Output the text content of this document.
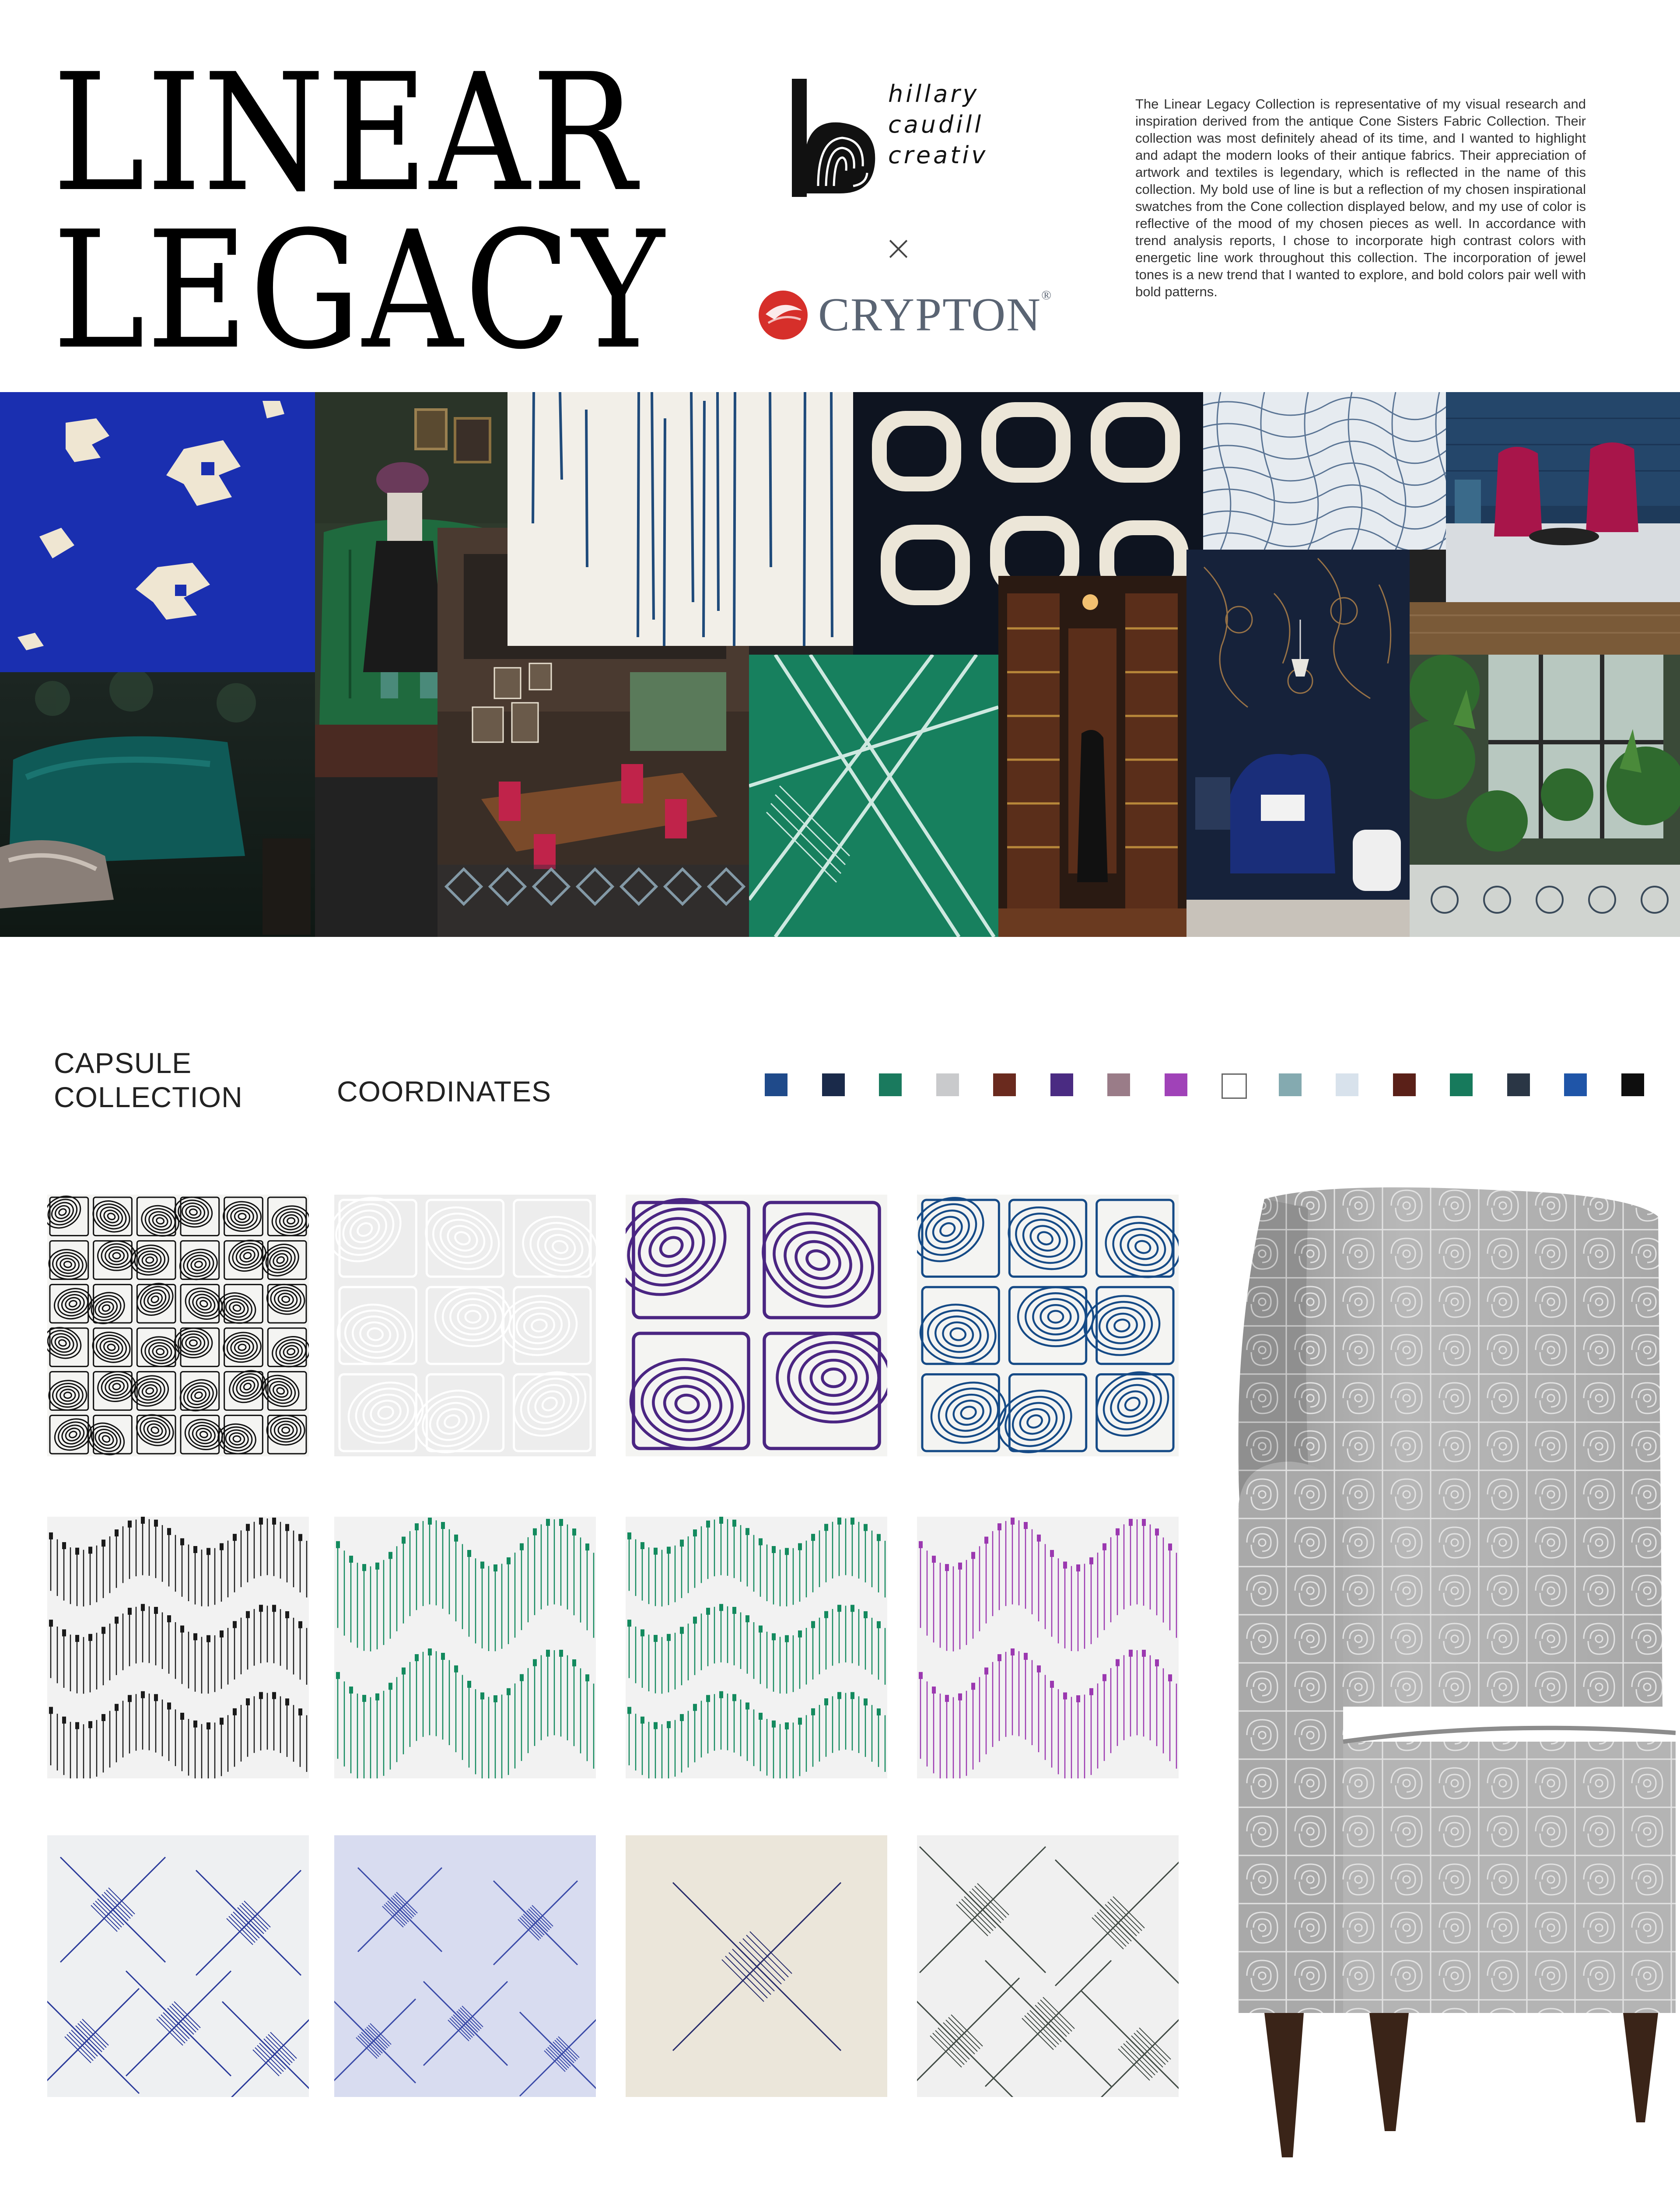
LINEAR
LEGACY
hillary
caudill
creativ
×
CRYPTON®
The Linear Legacy Collection is representative of my visual research and inspiration derived from the antique Cone Sisters Fabric Collection. Their collection was most definitely ahead of its time, and I wanted to highlight and adapt the modern looks of their antique fabrics. Their appreciation of artwork and textiles is legendary, which is reflected in the name of this collection. My bold use of line is but a reflection of my chosen inspirational swatches from the Cone collection displayed below, and my use of color is reflective of the mood of my chosen pieces as well. In accordance with trend analysis reports, I chose to incorporate high contrast colors with energetic line work throughout this collection. The incorporation of jewel tones is a new trend that I wanted to explore, and bold colors pair well with bold patterns.
CAPSULE
COLLECTION	COORDINATES
